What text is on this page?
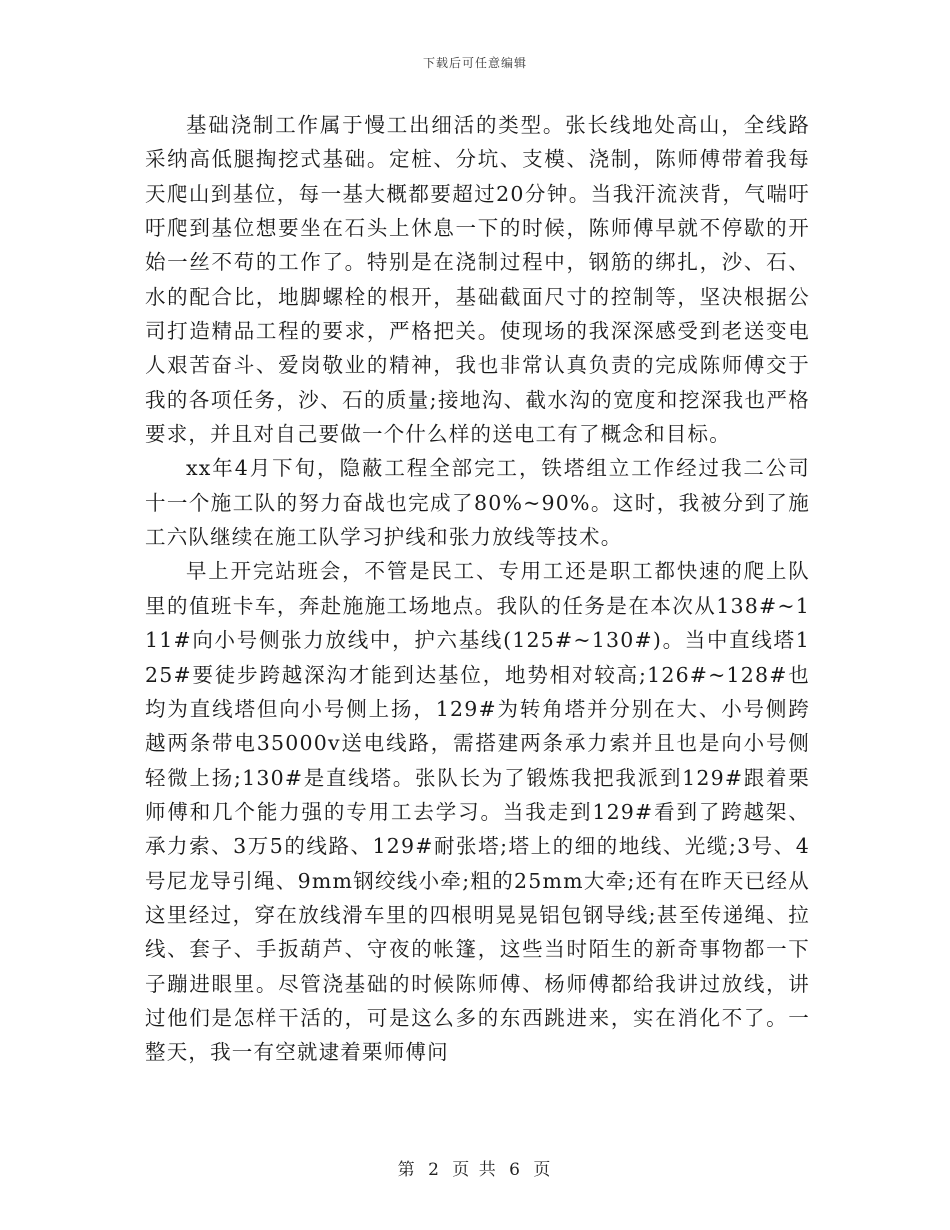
下载后可任意编辑

基础浇制工作属于慢工出细活的类型。张长线地处高山，全线路采纳高低腿掏挖式基础。定桩、分坑、支模、浇制，陈师傅带着我每天爬山到基位，每一基大概都要超过20分钟。当我汗流浃背，气喘吁吁爬到基位想要坐在石头上休息一下的时候，陈师傅早就不停歇的开始一丝不苟的工作了。特别是在浇制过程中，钢筋的绑扎，沙、石、水的配合比，地脚螺栓的根开，基础截面尺寸的控制等，坚决根据公司打造精品工程的要求，严格把关。使现场的我深深感受到老送变电人艰苦奋斗、爱岗敬业的精神，我也非常认真负责的完成陈师傅交于我的各项任务，沙、石的质量;接地沟、截水沟的宽度和挖深我也严格要求，并且对自己要做一个什么样的送电工有了概念和目标。

xx年4月下旬，隐蔽工程全部完工，铁塔组立工作经过我二公司十一个施工队的努力奋战也完成了80%~90%。这时，我被分到了施工六队继续在施工队学习护线和张力放线等技术。

早上开完站班会，不管是民工、专用工还是职工都快速的爬上队里的值班卡车，奔赴施施工场地点。我队的任务是在本次从138#~111#向小号侧张力放线中，护六基线(125#~130#)。当中直线塔125#要徒步跨越深沟才能到达基位，地势相对较高;126#~128#也均为直线塔但向小号侧上扬，129#为转角塔并分别在大、小号侧跨越两条带电35000v送电线路，需搭建两条承力索并且也是向小号侧轻微上扬;130#是直线塔。张队长为了锻炼我把我派到129#跟着栗师傅和几个能力强的专用工去学习。当我走到129#看到了跨越架、承力索、3万5的线路、129#耐张塔;塔上的细的地线、光缆;3号、4号尼龙导引绳、9mm钢绞线小牵;粗的25mm大牵;还有在昨天已经从这里经过，穿在放线滑车里的四根明晃晃铝包钢导线;甚至传递绳、拉线、套子、手扳葫芦、守夜的帐篷，这些当时陌生的新奇事物都一下子蹦进眼里。尽管浇基础的时候陈师傅、杨师傅都给我讲过放线，讲过他们是怎样干活的，可是这么多的东西跳进来，实在消化不了。一整天，我一有空就逮着栗师傅问

第 2 页 共 6 页
